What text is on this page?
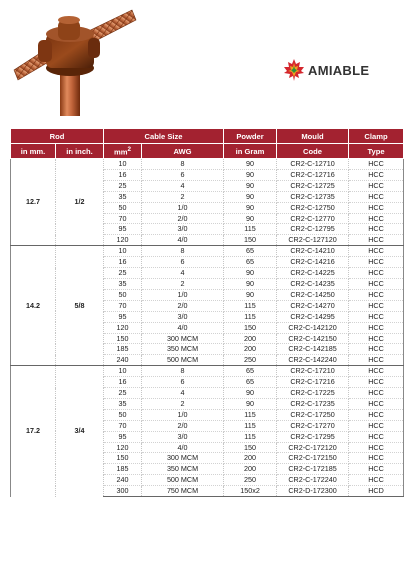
AMIABLE
Rod		Cable Size		Powder	Mould	Clamp
in mm.	in inch.	$mm^2$	AWG	in Gram	Code	Type
12.7	1/2	10	8	90	CR2-C-12710	HCC
		16	6	90	CR2-C-12716	HCC
		25	4	90	CR2-C-12725	HCC
		35	2	90	CR2-C-12735	HCC
		50	1/0	90	CR2-C-12750	HCC
		70	2/0	90	CR2-C-12770	HCC
		95	3/0	115	CR2-C-12795	HCC
		120	4/0	150	CR2-C-127120	HCC
14.2	5/8	10	8	65	CR2-C-14210	HCC
		16	6	65	CR2-C-14216	HCC
		25	4	90	CR2-C-14225	HCC
		35	2	90	CR2-C-14235	HCC
		50	1/0	90	CR2-C-14250	HCC
		70	2/0	115	CR2-C-14270	HCC
		95	3/0	115	CR2-C-14295	HCC
		120	4/0	150	CR2-C-142120	HCC
		150	300 MCM	200	CR2-C-142150	HCC
		185	350 MCM	200	CR2-C-142185	HCC
		240	500 MCM	250	CR2-C-142240	HCC
17.2	3/4	10	8	65	CR2-C-17210	HCC
		16	6	65	CR2-C-17216	HCC
		25	4	90	CR2-C-17225	HCC
		35	2	90	CR2-C-17235	HCC
		50	1/0	115	CR2-C-17250	HCC
		70	2/0	115	CR2-C-17270	HCC
		95	3/0	115	CR2-C-17295	HCC
		120	4/0	150	CR2-C-172120	HCC
		150	300 MCM	200	CR2-C-172150	HCC
		185	350 MCM	200	CR2-C-172185	HCC
		240	500 MCM	250	CR2-C-172240	HCC
		300	750 MCM	150x2	CR2-D-172300	HCD
